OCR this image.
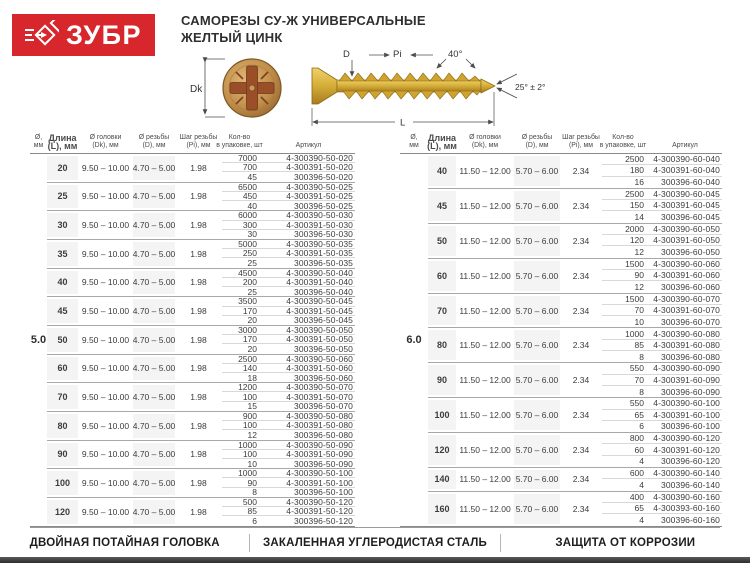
ЗУБР	САМОРЕЗЫ СУ-Ж УНИВЕРСАЛЬНЫЕ
ЖЕЛТЫЙ ЦИНК
Dk
D	Pi	40°
25° ± 2°
L
Ø,
мм
Длина
(L), мм
Ø головки
(Dk), мм
Ø резьбы
(D), мм
Шаг резьбы
(Pi), мм
Кол-во
в упаковке, шт	Артикул
5.0
20	9.50 – 10.00 4.70 – 5.00	1.98
7000	4-300390-50-020
700	4-300391-50-020
45	300396-50-020
25	9.50 – 10.00 4.70 – 5.00	1.98
6500	4-300390-50-025
450	4-300391-50-025
40	300396-50-025
30	9.50 – 10.00 4.70 – 5.00	1.98
6000	4-300390-50-030
300	4-300391-50-030
30	300396-50-030
35	9.50 – 10.00 4.70 – 5.00	1.98
5000	4-300390-50-035
250	4-300391-50-035
25	300396-50-035
40	9.50 – 10.00 4.70 – 5.00	1.98
4500	4-300390-50-040
200	4-300391-50-040
25	300396-50-040
45	9.50 – 10.00 4.70 – 5.00	1.98
3500	4-300390-50-045
170	4-300391-50-045
20	300396-50-045
50	9.50 – 10.00 4.70 – 5.00	1.98
3000	4-300390-50-050
170	4-300391-50-050
20	300396-50-050
60	9.50 – 10.00 4.70 – 5.00	1.98
2500	4-300390-50-060
140	4-300391-50-060
18	300396-50-060
70	9.50 – 10.00 4.70 – 5.00	1.98
1200	4-300390-50-070
100	4-300391-50-070
15	300396-50-070
80	9.50 – 10.00 4.70 – 5.00	1.98
900	4-300390-50-080
100	4-300391-50-080
12	300396-50-080
90	9.50 – 10.00 4.70 – 5.00	1.98
1000	4-300390-50-090
100	4-300391-50-090
10	300396-50-090
100	9.50 – 10.00 4.70 – 5.00	1.98
1000	4-300390-50-100
90	4-300391-50-100
8	300396-50-100
120	9.50 – 10.00 4.70 – 5.00	1.98
500	4-300390-50-120
85	4-300391-50-120
6	300396-50-120
Ø,
мм
Длина
(L), мм
Ø головки
(Dk), мм
Ø резьбы
(D), мм
Шаг резьбы
(Pi), мм
Кол-во
в упаковке, шт	Артикул
6.0
40	11.50 – 12.00 5.70 – 6.00	2.34
2500	4-300390-60-040
180	4-300391-60-040
16	300396-60-040
45	11.50 – 12.00 5.70 – 6.00	2.34
2500	4-300390-60-045
150	4-300391-60-045
14	300396-60-045
50	11.50 – 12.00 5.70 – 6.00	2.34
2000	4-300390-60-050
120	4-300391-60-050
12	300396-60-050
60	11.50 – 12.00 5.70 – 6.00	2.34
1500	4-300390-60-060
90	4-300391-60-060
12	300396-60-060
70	11.50 – 12.00 5.70 – 6.00	2.34
1500	4-300390-60-070
70	4-300391-60-070
10	300396-60-070
80	11.50 – 12.00 5.70 – 6.00	2.34
1000	4-300390-60-080
85	4-300391-60-080
8	300396-60-080
90	11.50 – 12.00 5.70 – 6.00	2.34
550	4-300390-60-090
70	4-300391-60-090
8	300396-60-090
100	11.50 – 12.00 5.70 – 6.00	2.34
550	4-300390-60-100
65	4-300391-60-100
6	300396-60-100
120	11.50 – 12.00 5.70 – 6.00	2.34
800	4-300390-60-120
60	4-300391-60-120
4	300396-60-120
140	11.50 – 12.00 5.70 – 6.00	2.34
600	4-300390-60-140
4	300396-60-140
160	11.50 – 12.00 5.70 – 6.00	2.34
400	4-300390-60-160
65	4-300393-60-160
4	300396-60-160
ДВОЙНАЯ ПОТАЙНАЯ ГОЛОВКА	ЗАКАЛЕННАЯ УГЛЕРОДИСТАЯ СТАЛЬ	ЗАЩИТА ОТ КОРРОЗИИ
